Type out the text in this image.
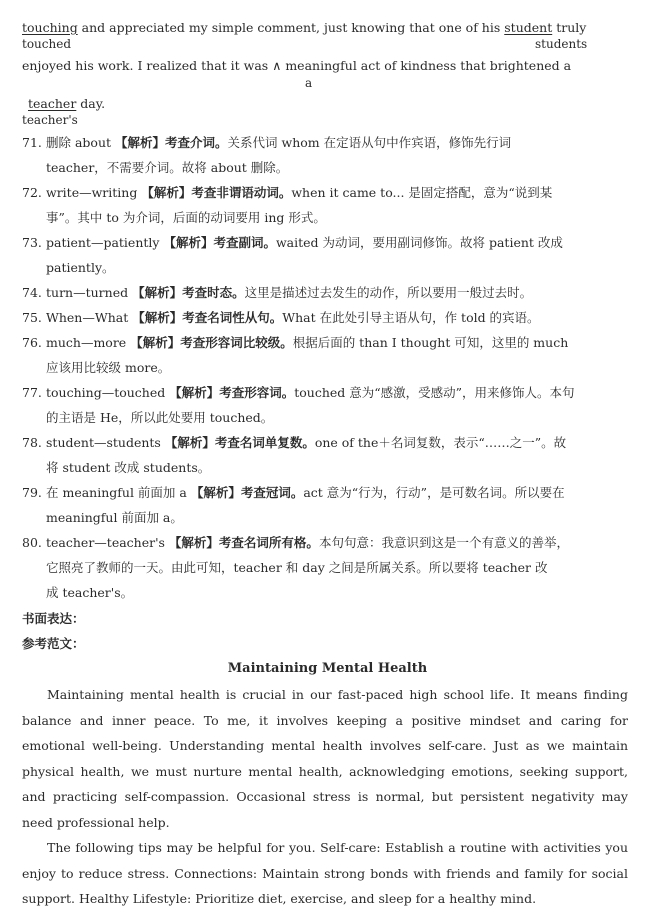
touching and appreciated my simple comment, just knowing that one of his student truly
touched	students
enjoyed his work. I realized that it was ∧ meaningful act of kindness that brightened a
a
teacher day.
teacher's
71. 删除 about 【解析】考查介词。关系代词 whom 在定语从句中作宾语，修饰先行词
teacher，不需要介词。故将 about 删除。
72. write—writing 【解析】考查非谓语动词。when it came to... 是固定搭配，意为“说到某
事”。其中 to 为介词，后面的动词要用 ing 形式。
73. patient—patiently 【解析】考查副词。waited 为动词，要用副词修饰。故将 patient 改成
patiently。
74. turn—turned 【解析】考查时态。这里是描述过去发生的动作，所以要用一般过去时。
75. When—What 【解析】考查名词性从句。What 在此处引导主语从句，作 told 的宾语。
76. much—more 【解析】考查形容词比较级。根据后面的 than I thought 可知，这里的 much
应该用比较级 more。
77. touching—touched 【解析】考查形容词。touched 意为“感激，受感动”，用来修饰人。本句
的主语是 He，所以此处要用 touched。
78. student—students 【解析】考查名词单复数。one of the＋名词复数，表示“……之一”。故
将 student 改成 students。
79. 在 meaningful 前面加 a 【解析】考查冠词。act 意为“行为，行动”，是可数名词。所以要在
meaningful 前面加 a。
80. teacher—teacher's 【解析】考查名词所有格。本句句意：我意识到这是一个有意义的善举，
它照亮了教师的一天。由此可知，teacher 和 day 之间是所属关系。所以要将 teacher 改
成 teacher's。
书面表达：
参考范文：
Maintaining Mental Health

Maintaining mental health is crucial in our fast-paced high school life. It means finding balance and inner peace. To me, it involves keeping a positive mindset and caring for emotional well-being. Understanding mental health involves self-care. Just as we maintain physical health, we must nurture mental health, acknowledging emotions, seeking support, and practicing self-compassion. Occasional stress is normal, but persistent negativity may need professional help.

The following tips may be helpful for you. Self-care: Establish a routine with activities you enjoy to reduce stress. Connections: Maintain strong bonds with friends and family for social support. Healthy Lifestyle: Prioritize diet, exercise, and sleep for a healthy mind.
